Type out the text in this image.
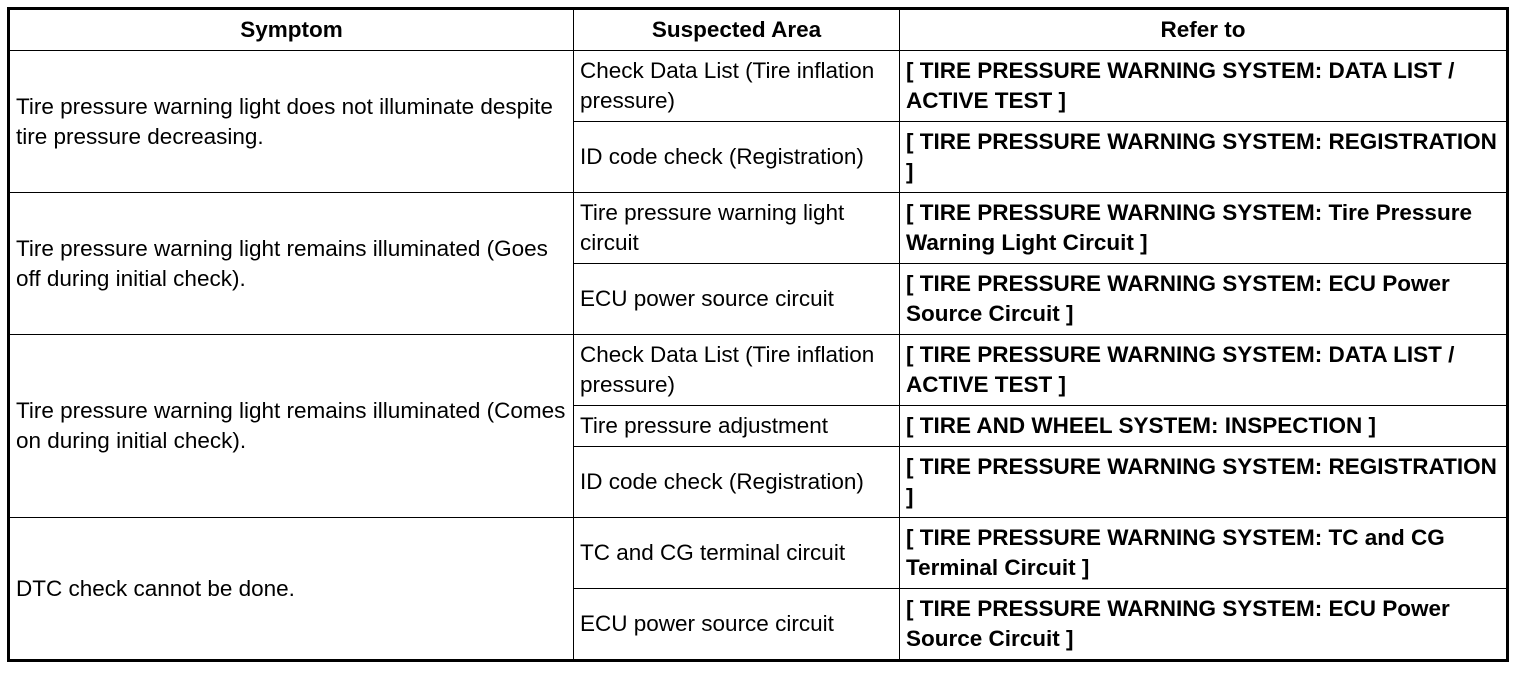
Symptom	Suspected Area	Refer to
Tire pressure warning light does not illuminate despite tire pressure decreasing.	Check Data List (Tire inflation pressure)	[ TIRE PRESSURE WARNING SYSTEM: DATA LIST / ACTIVE TEST ]
	ID code check (Registration)	[ TIRE PRESSURE WARNING SYSTEM: REGISTRATION ]
Tire pressure warning light remains illuminated (Goes off during initial check).	Tire pressure warning light circuit	[ TIRE PRESSURE WARNING SYSTEM: Tire Pressure Warning Light Circuit ]
	ECU power source circuit	[ TIRE PRESSURE WARNING SYSTEM: ECU Power Source Circuit ]
Tire pressure warning light remains illuminated (Comes on during initial check).	Check Data List (Tire inflation pressure)	[ TIRE PRESSURE WARNING SYSTEM: DATA LIST / ACTIVE TEST ]
	Tire pressure adjustment	[ TIRE AND WHEEL SYSTEM: INSPECTION ]
	ID code check (Registration)	[ TIRE PRESSURE WARNING SYSTEM: REGISTRATION ]
DTC check cannot be done.	TC and CG terminal circuit	[ TIRE PRESSURE WARNING SYSTEM: TC and CG Terminal Circuit ]
	ECU power source circuit	[ TIRE PRESSURE WARNING SYSTEM: ECU Power Source Circuit ]
